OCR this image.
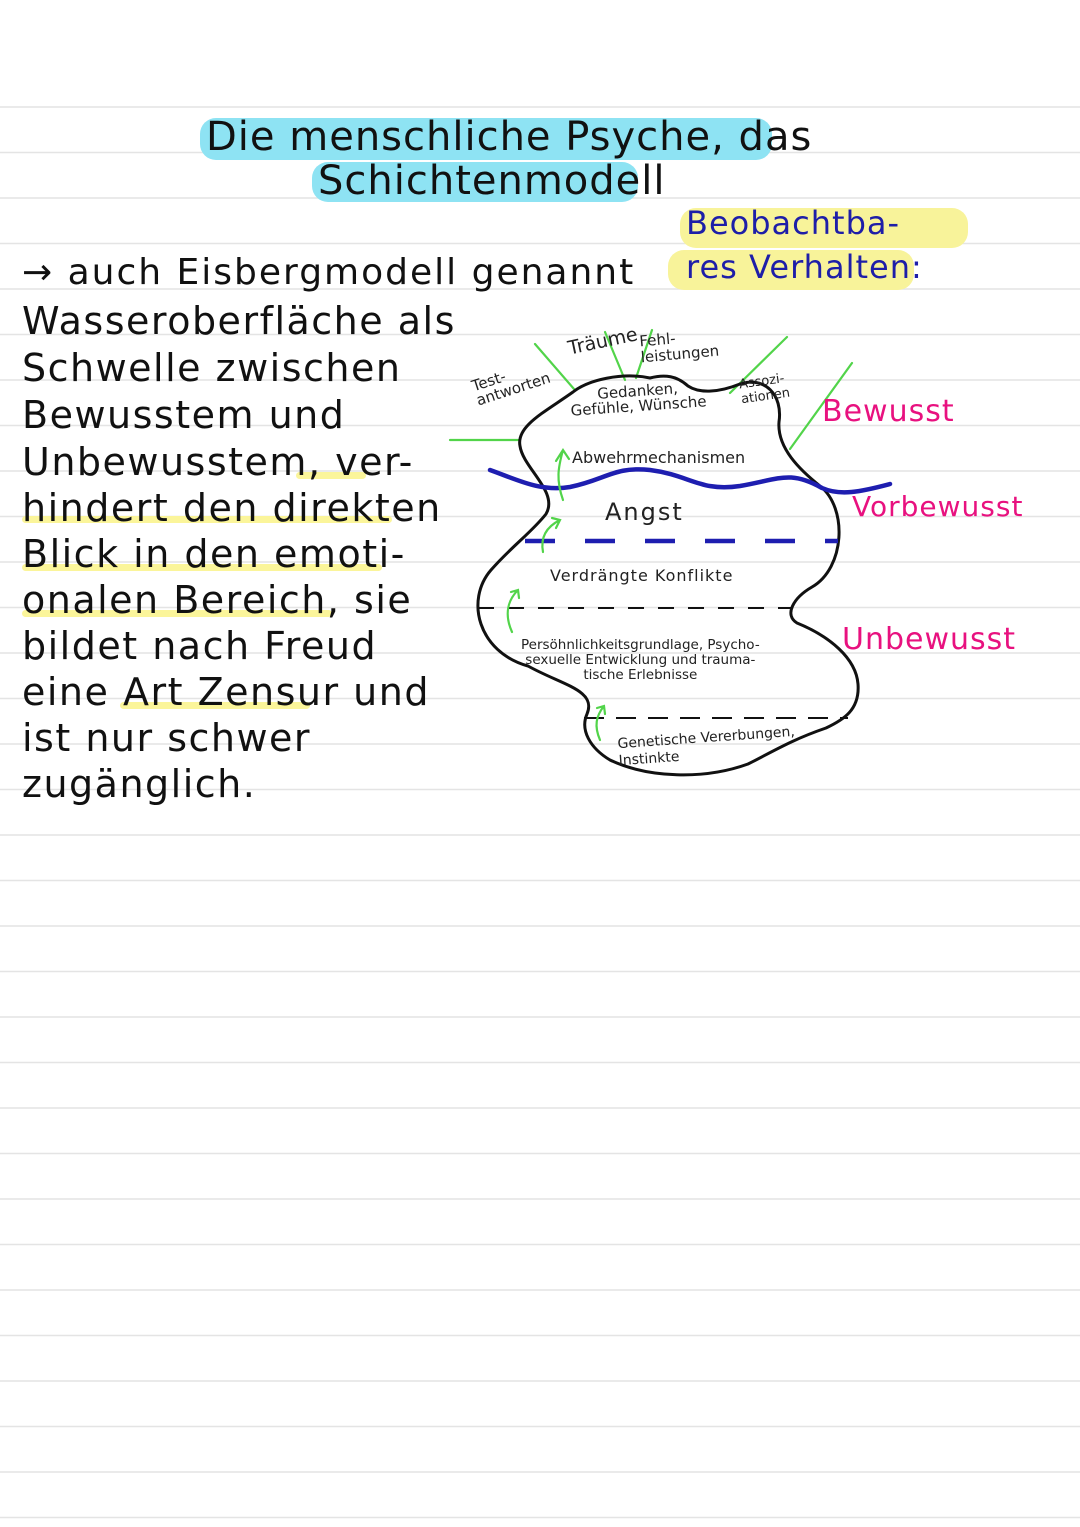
Die menschliche Psyche, das
Schichtenmodell
→ auch Eisbergmodell genannt
Wasseroberfläche als
Schwelle zwischen
Bewusstem und
Unbewusstem, ver-
hindert den direkten
Blick in den emoti-
onalen Bereich, sie
bildet nach Freud
eine Art Zensur und
ist nur schwer
zugänglich.
Beobachtba-
res Verhalten:
Test-
antworten
Träume Fehl-
leistungen
Assozi-
ationen
Gedanken,
Gefühle, Wünsche
Abwehrmechanismen
Angst
Verdrängte Konflikte
Persöhnlichkeitsgrundlage, Psycho-
sexuelle Entwicklung und trauma-
tische Erlebnisse
Genetische Vererbungen,
Instinkte
Bewusst
Vorbewusst
Unbewusst
